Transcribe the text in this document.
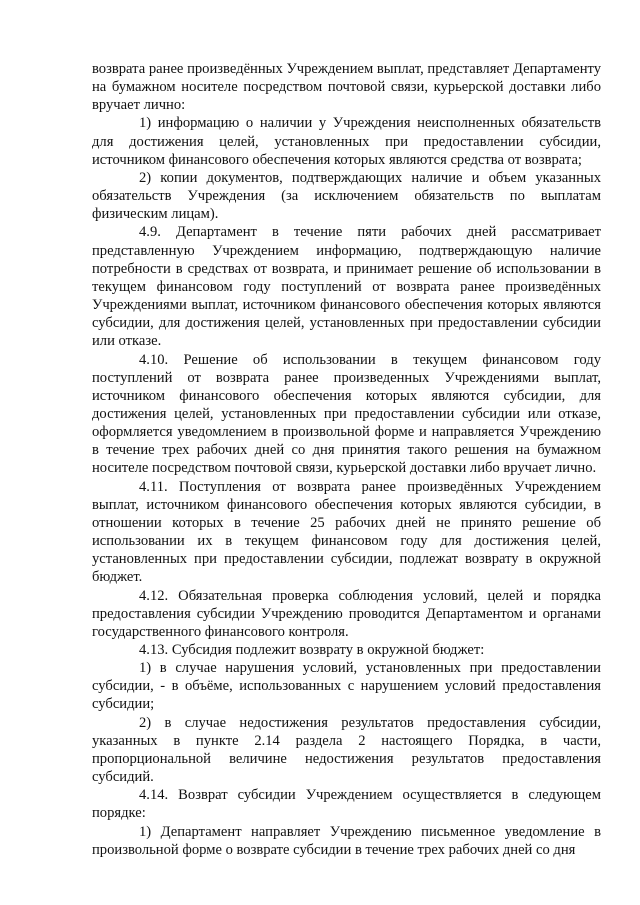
возврата ранее произведённых Учреждением выплат, представляет Департаменту на бумажном носителе посредством почтовой связи, курьерской доставки либо вручает лично:

1) информацию о наличии у Учреждения неисполненных обязательств для достижения целей, установленных при предоставлении субсидии, источником финансового обеспечения которых являются средства от возврата;

2) копии документов, подтверждающих наличие и объем указанных обязательств Учреждения (за исключением обязательств по выплатам физическим лицам).

4.9. Департамент в течение пяти рабочих дней рассматривает представленную Учреждением информацию, подтверждающую наличие потребности в средствах от возврата, и принимает решение об использовании в текущем финансовом году поступлений от возврата ранее произведённых Учреждениями выплат, источником финансового обеспечения которых являются субсидии, для достижения целей, установленных при предоставлении субсидии или отказе.

4.10. Решение об использовании в текущем финансовом году поступлений от возврата ранее произведенных Учреждениями выплат, источником финансового обеспечения которых являются субсидии, для достижения целей, установленных при предоставлении субсидии или отказе, оформляется уведомлением в произвольной форме и направляется Учреждению в течение трех рабочих дней со дня принятия такого решения на бумажном носителе посредством почтовой связи, курьерской доставки либо вручает лично.

4.11. Поступления от возврата ранее произведённых Учреждением выплат, источником финансового обеспечения которых являются субсидии, в отношении которых в течение 25 рабочих дней не принято решение об использовании их в текущем финансовом году для достижения целей, установленных при предоставлении субсидии, подлежат возврату в окружной бюджет.

4.12. Обязательная проверка соблюдения условий, целей и порядка предоставления субсидии Учреждению проводится Департаментом и органами государственного финансового контроля.

4.13. Субсидия подлежит возврату в окружной бюджет:

1) в случае нарушения условий, установленных при предоставлении субсидии, - в объёме, использованных с нарушением условий предоставления субсидии;

2) в случае недостижения результатов предоставления субсидии, указанных в пункте 2.14 раздела 2 настоящего Порядка, в части, пропорциональной величине недостижения результатов предоставления субсидий.

4.14. Возврат субсидии Учреждением осуществляется в следующем порядке:

1) Департамент направляет Учреждению письменное уведомление в произвольной форме о возврате субсидии в течение трех рабочих дней со дня
